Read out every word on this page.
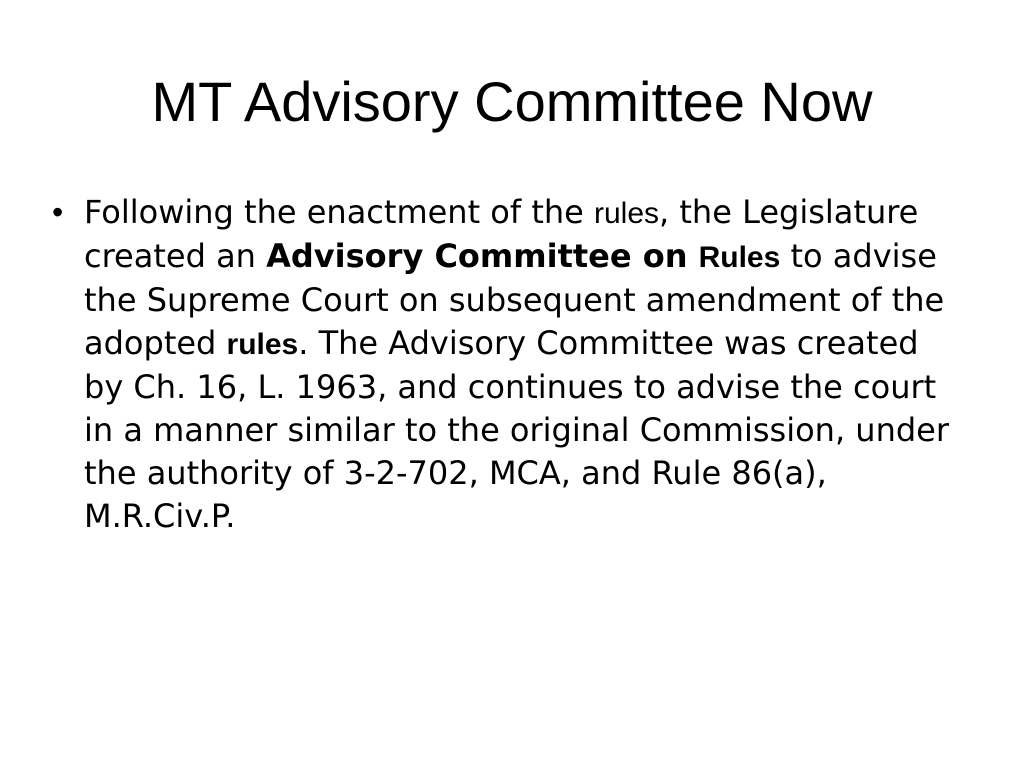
MT Advisory Committee Now
• Following the enactment of the rules, the Legislature created an Advisory Committee on Rules to advise the Supreme Court on subsequent amendment of the adopted rules. The Advisory Committee was created by Ch. 16, L. 1963, and continues to advise the court in a manner similar to the original Commission, under the authority of 3-2-702, MCA, and Rule 86(a), M.R.Civ.P.
